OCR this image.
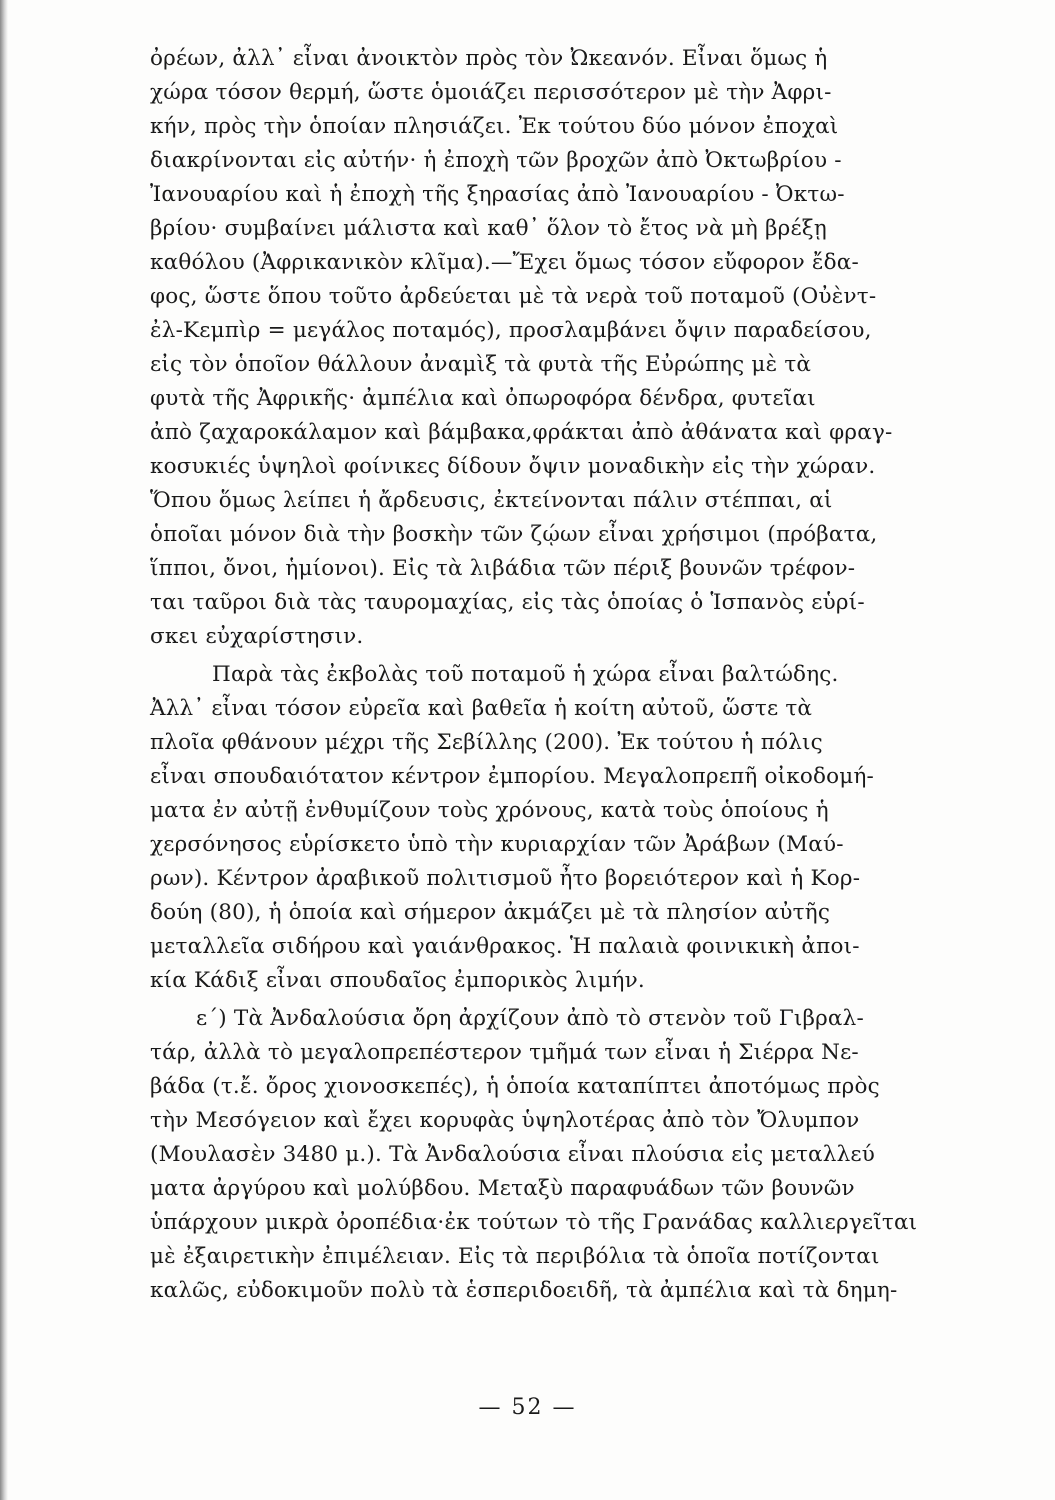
ὀρέων, ἀλλ᾽ εἶναι ἀνοικτὸν πρὸς τὸν Ὠκεανόν. Εἶναι ὅμως ἡ
χώρα τόσον θερμή, ὥστε ὁμοιάζει περισσότερον μὲ τὴν Ἀφρι-
κήν, πρὸς τὴν ὁποίαν πλησιάζει. Ἐκ τούτου δύο μόνον ἐποχαὶ
διακρίνονται εἰς αὐτήν· ἡ ἐποχὴ τῶν βροχῶν ἀπὸ Ὀκτωβρίου -
Ἰανουαρίου καὶ ἡ ἐποχὴ τῆς ξηρασίας ἀπὸ Ἰανουαρίου - Ὀκτω-
βρίου· συμβαίνει μάλιστα καὶ καθ᾽ ὅλον τὸ ἔτος νὰ μὴ βρέξῃ
καθόλου (Ἀφρικανικὸν κλῖμα).—Ἔχει ὅμως τόσον εὔφορον ἔδα-
φος, ὥστε ὅπου τοῦτο ἀρδεύεται μὲ τὰ νερὰ τοῦ ποταμοῦ (Οὐὲντ-
ἐλ-Κεμπὶρ = μεγάλος ποταμός), προσλαμβάνει ὄψιν παραδείσου,
εἰς τὸν ὁποῖον θάλλουν ἀναμὶξ τὰ φυτὰ τῆς Εὐρώπης μὲ τὰ
φυτὰ τῆς Ἀφρικῆς· ἀμπέλια καὶ ὀπωροφόρα δένδρα, φυτεῖαι
ἀπὸ ζαχαροκάλαμον καὶ βάμβακα,φράκται ἀπὸ ἀθάνατα καὶ φραγ-
κοσυκιές ὑψηλοὶ φοίνικες δίδουν ὄψιν μοναδικὴν εἰς τὴν χώραν.
Ὅπου ὅμως λείπει ἡ ἄρδευσις, ἐκτείνονται πάλιν στέππαι, αἱ
ὁποῖαι μόνον διὰ τὴν βοσκὴν τῶν ζῴων εἶναι χρήσιμοι (πρόβατα,
ἵπποι, ὄνοι, ἡμίονοι). Εἰς τὰ λιβάδια τῶν πέριξ βουνῶν τρέφον-
ται ταῦροι διὰ τὰς ταυρομαχίας, εἰς τὰς ὁποίας ὁ Ἱσπανὸς εὑρί-
σκει εὐχαρίστησιν.
Παρὰ τὰς ἐκβολὰς τοῦ ποταμοῦ ἡ χώρα εἶναι βαλτώδης.
Ἀλλ᾽ εἶναι τόσον εὐρεῖα καὶ βαθεῖα ἡ κοίτη αὐτοῦ, ὥστε τὰ
πλοῖα φθάνουν μέχρι τῆς Σεβίλλης (200). Ἐκ τούτου ἡ πόλις
εἶναι σπουδαιότατον κέντρον ἐμπορίου. Μεγαλοπρεπῆ οἰκοδομή-
ματα ἐν αὐτῇ ἐνθυμίζουν τοὺς χρόνους, κατὰ τοὺς ὁποίους ἡ
χερσόνησος εὑρίσκετο ὑπὸ τὴν κυριαρχίαν τῶν Ἀράβων (Μαύ-
ρων). Κέντρον ἀραβικοῦ πολιτισμοῦ ἦτο βορειότερον καὶ ἡ Κορ-
δούη (80), ἡ ὁποία καὶ σήμερον ἀκμάζει μὲ τὰ πλησίον αὐτῆς
μεταλλεῖα σιδήρου καὶ γαιάνθρακος. Ἡ παλαιὰ φοινικικὴ ἀποι-
κία Κάδιξ εἶναι σπουδαῖος ἐμπορικὸς λιμήν.
ε´) Τὰ Ἀνδαλούσια ὄρη ἀρχίζουν ἀπὸ τὸ στενὸν τοῦ Γιβραλ-
τάρ, ἀλλὰ τὸ μεγαλοπρεπέστερον τμῆμά των εἶναι ἡ Σιέρρα Νε-
βάδα (τ.ἔ. ὄρος χιονοσκεπές), ἡ ὁποία καταπίπτει ἀποτόμως πρὸς
τὴν Μεσόγειον καὶ ἔχει κορυφὰς ὑψηλοτέρας ἀπὸ τὸν Ὄλυμπον
(Μουλασὲν 3480 μ.). Τὰ Ἀνδαλούσια εἶναι πλούσια εἰς μεταλλεύ
ματα ἀργύρου καὶ μολύβδου. Μεταξὺ παραφυάδων τῶν βουνῶν
ὑπάρχουν μικρὰ ὀροπέδια·ἐκ τούτων τὸ τῆς Γρανάδας καλλιεργεῖται
μὲ ἐξαιρετικὴν ἐπιμέλειαν. Εἰς τὰ περιβόλια τὰ ὁποῖα ποτίζονται
καλῶς, εὐδοκιμοῦν πολὺ τὰ ἑσπεριδοειδῆ, τὰ ἀμπέλια καὶ τὰ δημη-
— 52 —
